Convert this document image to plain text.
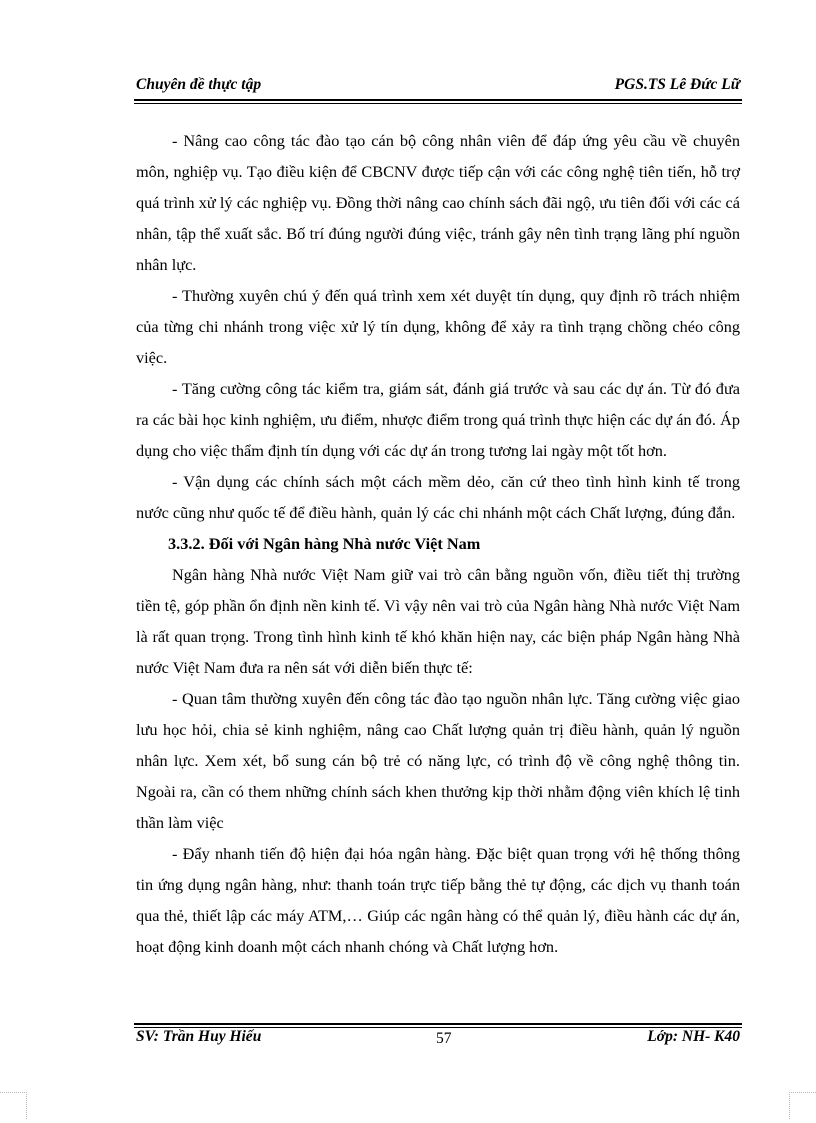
Chuyên đề thực tập	PGS.TS Lê Đức Lữ

- Nâng cao công tác đào tạo cán bộ công nhân viên để đáp ứng yêu cầu về chuyên môn, nghiệp vụ. Tạo điều kiện để CBCNV được tiếp cận với các công nghệ tiên tiến, hỗ trợ quá trình xử lý các nghiệp vụ. Đồng thời nâng cao chính sách đãi ngộ, ưu tiên đối với các cá nhân, tập thể xuất sắc. Bố trí đúng người đúng việc, tránh gây nên tình trạng lãng phí nguồn nhân lực.

- Thường xuyên chú ý đến quá trình xem xét duyệt tín dụng, quy định rõ trách nhiệm của từng chi nhánh trong việc xử lý tín dụng, không để xảy ra tình trạng chồng chéo công việc.

- Tăng cường công tác kiểm tra, giám sát, đánh giá trước và sau các dự án. Từ đó đưa ra các bài học kinh nghiệm, ưu điểm, nhược điểm trong quá trình thực hiện các dự án đó. Áp dụng cho việc thẩm định tín dụng với các dự án trong tương lai ngày một tốt hơn.

- Vận dụng các chính sách một cách mềm dẻo, căn cứ theo tình hình kinh tế trong nước cũng như quốc tế để điều hành, quản lý các chi nhánh một cách Chất lượng, đúng đắn.

3.3.2. Đối với Ngân hàng Nhà nước Việt Nam

Ngân hàng Nhà nước Việt Nam giữ vai trò cân bằng nguồn vốn, điều tiết thị trường tiền tệ, góp phần ổn định nền kinh tế. Vì vậy nên vai trò của Ngân hàng Nhà nước Việt Nam là rất quan trọng. Trong tình hình kinh tế khó khăn hiện nay, các biện pháp Ngân hàng Nhà nước Việt Nam đưa ra nên sát với diễn biến thực tế:

- Quan tâm thường xuyên đến công tác đào tạo nguồn nhân lực. Tăng cường việc giao lưu học hỏi, chia sẻ kinh nghiệm, nâng cao Chất lượng quản trị điều hành, quản lý nguồn nhân lực. Xem xét, bổ sung cán bộ trẻ có năng lực, có trình độ về công nghệ thông tin. Ngoài ra, cần có them những chính sách khen thưởng kịp thời nhằm động viên khích lệ tinh thần làm việc

- Đẩy nhanh tiến độ hiện đại hóa ngân hàng. Đặc biệt quan trọng với hệ thống thông tin ứng dụng ngân hàng, như: thanh toán trực tiếp bằng thẻ tự động, các dịch vụ thanh toán qua thẻ, thiết lập các máy ATM,… Giúp các ngân hàng có thể quản lý, điều hành các dự án, hoạt động kinh doanh một cách nhanh chóng và Chất lượng hơn.

SV: Trần Huy Hiếu	57	Lớp: NH- K40
